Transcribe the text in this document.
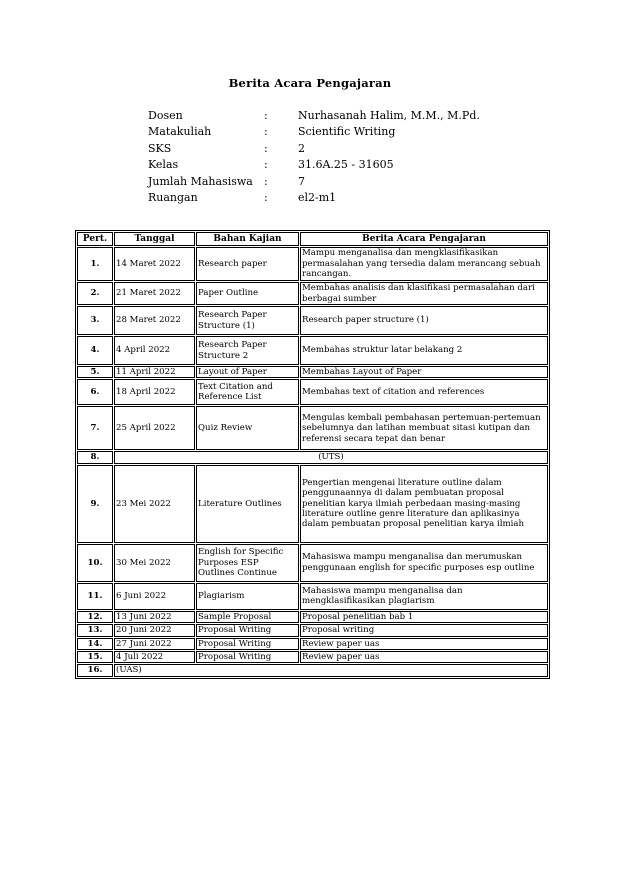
Berita Acara Pengajaran
Dosen	:	Nurhasanah Halim, M.M., M.Pd.
Matakuliah	:	Scientific Writing
SKS	:	2
Kelas	:	31.6A.25 - 31605
Jumlah Mahasiswa	:	7
Ruangan	:	el2-m1
Pert.	Tanggal	Bahan Kajian	Berita Acara Pengajaran
1.	14 Maret 2022	Research paper	Mampu menganalisa dan mengklasifikasikan permasalahan yang tersedia dalam merancang sebuah rancangan.
2.	21 Maret 2022	Paper Outline	Membahas analisis dan klasifikasi permasalahan dari berbagai sumber
3.	28 Maret 2022	Research Paper Structure (1)	Research paper structure (1)
4.	4 April 2022	Research Paper Structure 2	Membahas struktur latar belakang 2
5.	11 April 2022	Layout of Paper	Membahas Layout of Paper
6.	18 April 2022	Text Citation and Reference List	Membahas text of citation and references
7.	25 April 2022	Quiz Review	Mengulas kembali pembahasan pertemuan-pertemuan sebelumnya dan latihan membuat sitasi kutipan dan referensi secara tepat dan benar
8.	(UTS)		
9.	23 Mei 2022	Literature Outlines	Pengertian mengenai literature outline dalam penggunaannya di dalam pembuatan proposal penelitian karya ilmiah perbedaan masing-masing literature outline genre literature dan aplikasinya dalam pembuatan proposal penelitian karya ilmiah
10.	30 Mei 2022	English for Specific Purposes ESP Outlines Continue	Mahasiswa mampu menganalisa dan merumuskan penggunaan english for specific purposes esp outline
11.	6 Juni 2022	Plagiarism	Mahasiswa mampu menganalisa dan mengklasifikasikan plagiarism
12.	13 Juni 2022	Sample Proposal	Proposal penelitian bab 1
13.	20 Juni 2022	Proposal Writing	Proposal writing
14.	27 Juni 2022	Proposal Writing	Review paper uas
15.	4 Juli 2022	Proposal Writing	Review paper uas
16.	(UAS)		
